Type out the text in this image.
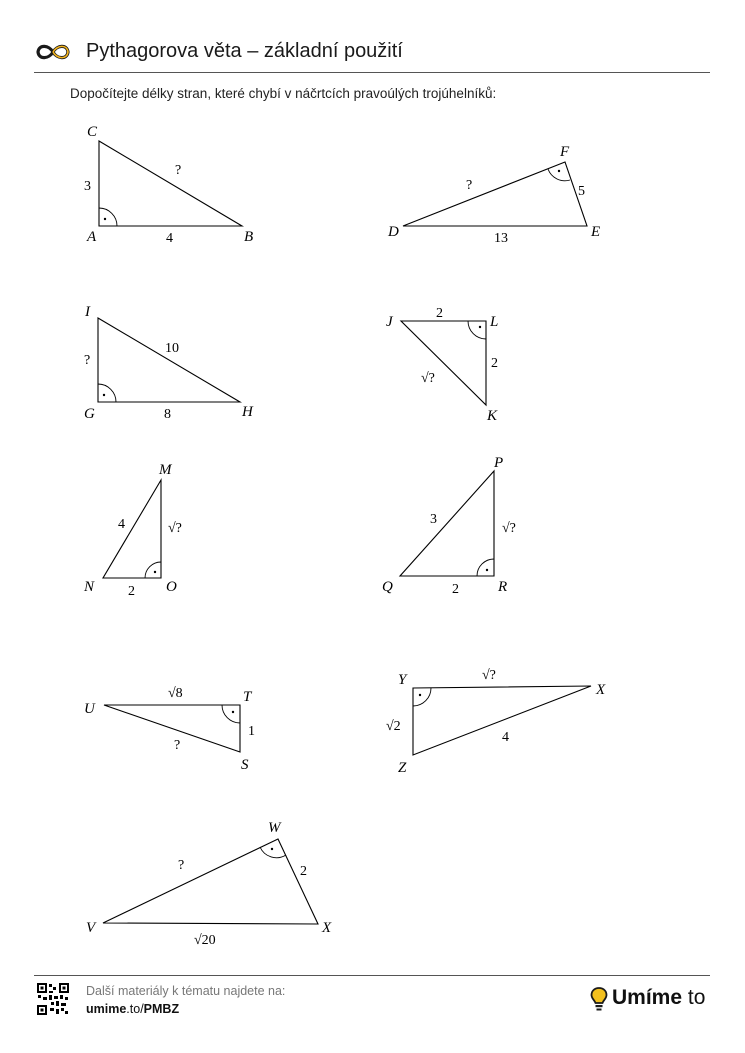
Pythagorova věta – základní použití
Dopočítejte délky stran, které chybí v náčrtcích pravoúlých trojúhelníků:
C
A	B
3
4
?
F
D	E
?	5
13
I
G	H
?
8
10
J	L
K
2
2
√?
M
N	O
4	√?
2
P
Q	R
3
√?
2
U
T
S
√8
1
?
Y
X
Z
√?
√2
4
W
V	X
?	2
√20
Další materiály k tématu najdete na:
umime.to/PMBZ	Umíme to
